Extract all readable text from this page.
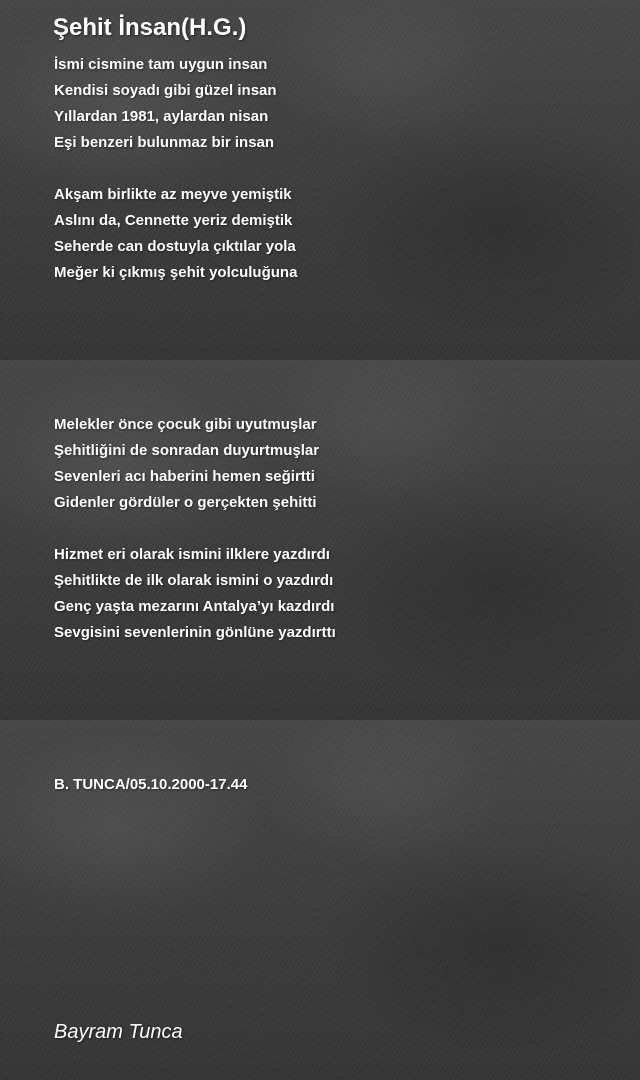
Şehit İnsan(H.G.)
İsmi cismine tam uygun insan
Kendisi soyadı gibi güzel insan
Yıllardan 1981, aylardan nisan
Eşi benzeri bulunmaz bir insan
Akşam birlikte az meyve yemiştik
Aslını da, Cennette yeriz demiştik
Seherde can dostuyla çıktılar yola
Meğer ki çıkmış şehit yolculuğuna
Melekler önce çocuk gibi uyutmuşlar
Şehitliğini de sonradan duyurtmuşlar
Sevenleri acı haberini hemen seğirtti
Gidenler gördüler o gerçekten şehitti
Hizmet eri olarak ismini ilklere yazdırdı
Şehitlikte de ilk olarak ismini o yazdırdı
Genç yaşta mezarını Antalya’yı kazdırdı
Sevgisini sevenlerinin gönlüne yazdırttı
B. TUNCA/05.10.2000-17.44
Bayram Tunca
